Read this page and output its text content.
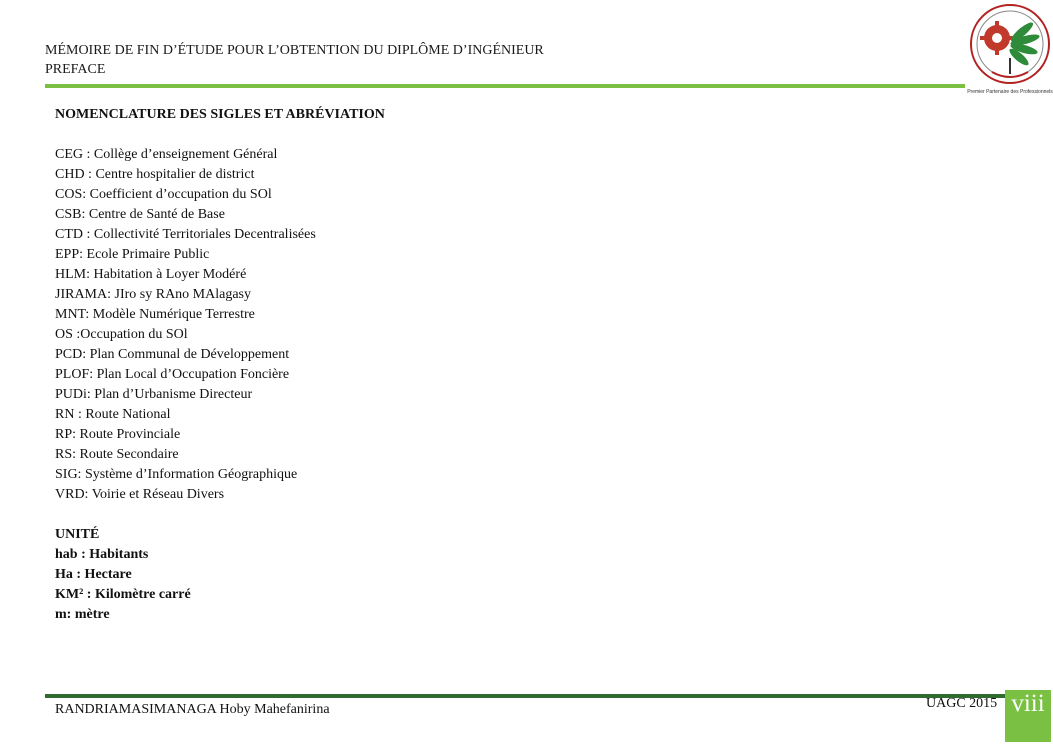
MÉMOIRE DE FIN D’ÉTUDE POUR L’OBTENTION DU DIPLÔME D’INGÉNIEUR
PREFACE
Premier Partenaire des Professionnels
NOMENCLATURE DES SIGLES ET ABRÉVIATION
CEG : Collège d’enseignement Général
CHD : Centre hospitalier de district
COS: Coefficient d’occupation du SOl
CSB: Centre de Santé de Base
CTD : Collectivité Territoriales Decentralisées
EPP: Ecole Primaire Public
HLM: Habitation à Loyer Modéré
JIRAMA: JIro sy RAno MAlagasy
MNT: Modèle Numérique Terrestre
OS :Occupation du SOl
PCD: Plan Communal de Développement
PLOF: Plan Local d’Occupation Foncière
PUDi: Plan d’Urbanisme Directeur
RN : Route National
RP: Route Provinciale
RS: Route Secondaire
SIG: Système d’Information Géographique
VRD: Voirie et Réseau Divers
UNITÉ
hab : Habitants
Ha : Hectare
KM² : Kilomètre carré
m: mètre
RANDRIAMASIMANAGA Hoby Mahefanirina	UAGC 2015 viii
